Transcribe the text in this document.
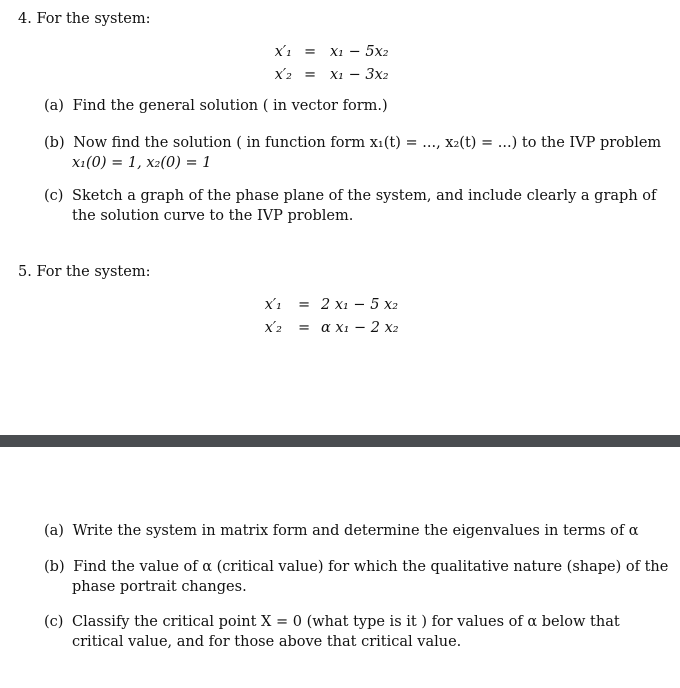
4. For the system:
x′₁ = x₁ − 5x₂
x′₂ = x₁ − 3x₂
(a) Find the general solution ( in vector form.)
(b) Now find the solution ( in function form x₁(t) = ..., x₂(t) = ...) to the IVP problem
x₁(0) = 1, x₂(0) = 1
(c) Sketch a graph of the phase plane of the system, and include clearly a graph of
the solution curve to the IVP problem.
5. For the system:
x′₁ = 2 x₁ − 5 x₂
x′₂ = α x₁ − 2 x₂
(a) Write the system in matrix form and determine the eigenvalues in terms of α
(b) Find the value of α (critical value) for which the qualitative nature (shape) of the
phase portrait changes.
(c) Classify the critical point X = 0 (what type is it ) for values of α below that
critical value, and for those above that critical value.
